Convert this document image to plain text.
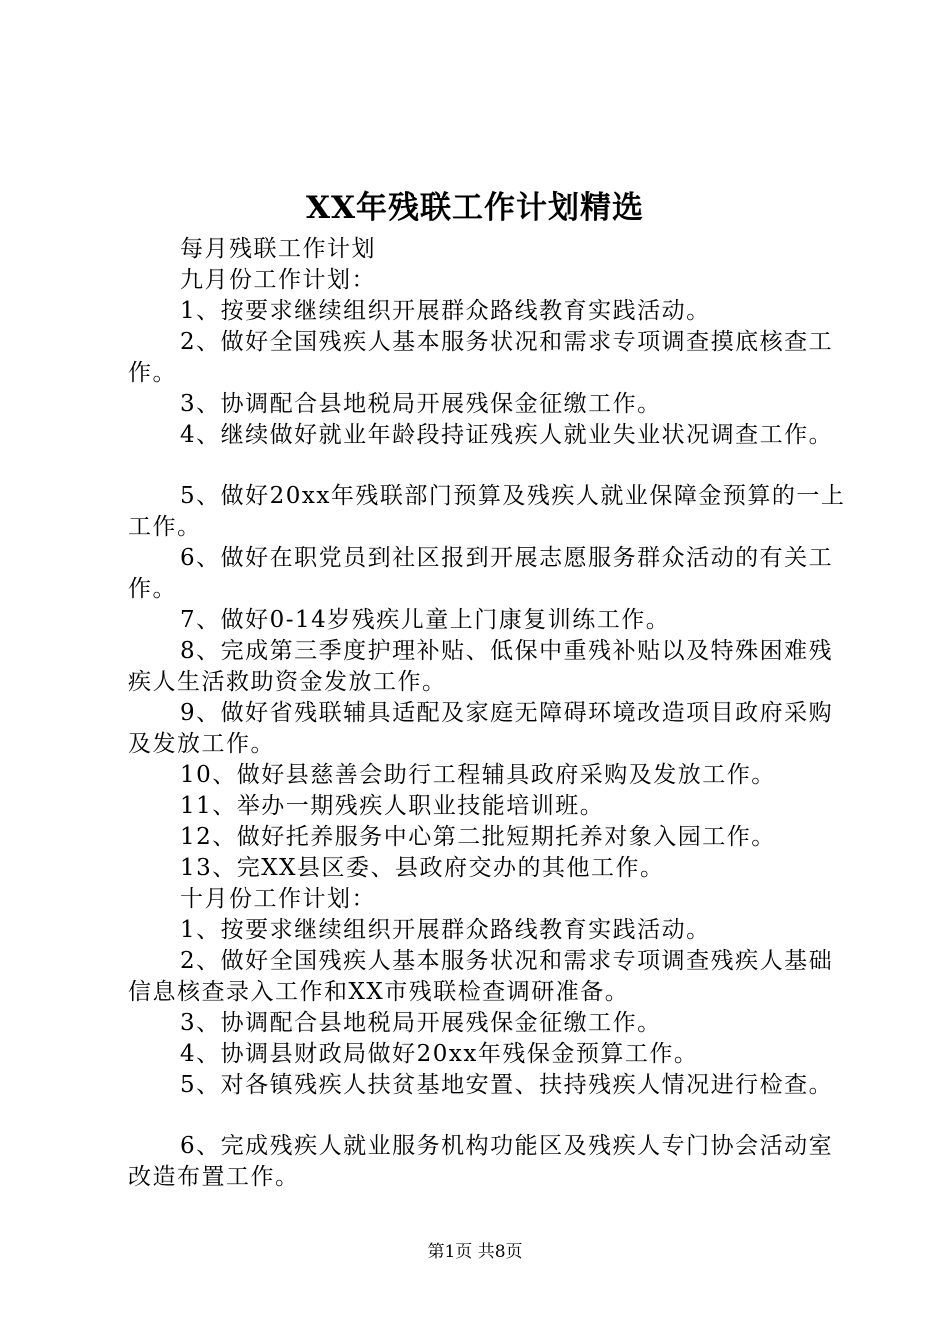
XX年残联工作计划精选

每月残联工作计划

九月份工作计划：

1、按要求继续组织开展群众路线教育实践活动。

2、做好全国残疾人基本服务状况和需求专项调查摸底核查工作。

3、协调配合县地税局开展残保金征缴工作。

4、继续做好就业年龄段持证残疾人就业失业状况调查工作。

5、做好20xx年残联部门预算及残疾人就业保障金预算的一上工作。

6、做好在职党员到社区报到开展志愿服务群众活动的有关工作。

7、做好0-14岁残疾儿童上门康复训练工作。

8、完成第三季度护理补贴、低保中重残补贴以及特殊困难残疾人生活救助资金发放工作。

9、做好省残联辅具适配及家庭无障碍环境改造项目政府采购及发放工作。

10、做好县慈善会助行工程辅具政府采购及发放工作。

11、举办一期残疾人职业技能培训班。

12、做好托养服务中心第二批短期托养对象入园工作。

13、完XX县区委、县政府交办的其他工作。

十月份工作计划：

1、按要求继续组织开展群众路线教育实践活动。

2、做好全国残疾人基本服务状况和需求专项调查残疾人基础信息核查录入工作和XX市残联检查调研准备。

3、协调配合县地税局开展残保金征缴工作。

4、协调县财政局做好20xx年残保金预算工作。

5、对各镇残疾人扶贫基地安置、扶持残疾人情况进行检查。

6、完成残疾人就业服务机构功能区及残疾人专门协会活动室改造布置工作。

第1页 共8页
